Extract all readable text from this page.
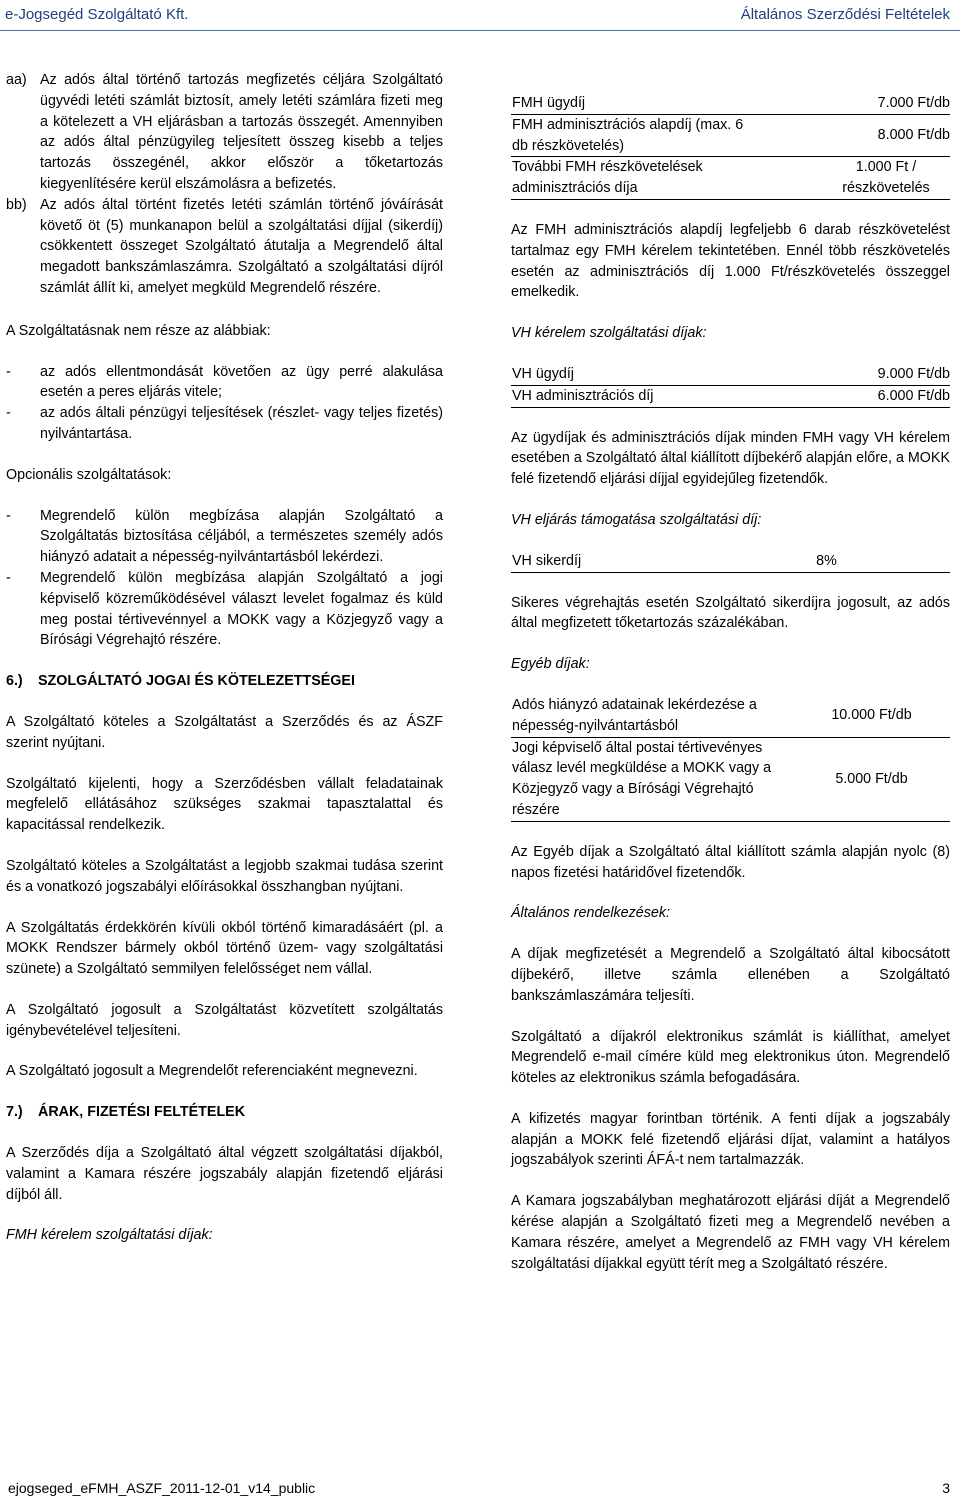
e-Jogsegéd Szolgáltató Kft.	Általános Szerződési Feltételek
aa) Az adós által történő tartozás megfizetés céljára Szolgáltató ügyvédi letéti számlát biztosít, amely letéti számlára fizeti meg a kötelezett a VH eljárásban a tartozás összegét. Amennyiben az adós által pénzügyileg teljesített összeg kisebb a teljes tartozás összegénél, akkor először a tőketartozás kiegyenlítésére kerül elszámolásra a befizetés.
bb) Az adós által történt fizetés letéti számlán történő jóváírását követő öt (5) munkanapon belül a szolgáltatási díjjal (sikerdíj) csökkentett összeget Szolgáltató átutalja a Megrendelő által megadott bankszámlaszámra. Szolgáltató a szolgáltatási díjról számlát állít ki, amelyet megküld Megrendelő részére.

A Szolgáltatásnak nem része az alábbiak:

-	az adós ellentmondását követően az ügy perré alakulása esetén a peres eljárás vitele;
-	az adós általi pénzügyi teljesítések (részlet- vagy teljes fizetés) nyilvántartása.

Opcionális szolgáltatások:

-	Megrendelő külön megbízása alapján Szolgáltató a Szolgáltatás biztosítása céljából, a természetes személy adós hiányzó adatait a népesség-nyilvántartásból lekérdezi.
-	Megrendelő külön megbízása alapján Szolgáltató a jogi képviselő közreműködésével választ levelet fogalmaz és küld meg postai tértivevénnyel a MOKK vagy a Közjegyző vagy a Bírósági Végrehajtó részére.

6.) SZOLGÁLTATÓ JOGAI ÉS KÖTELEZETTSÉGEI

A Szolgáltató köteles a Szolgáltatást a Szerződés és az ÁSZF szerint nyújtani.

Szolgáltató kijelenti, hogy a Szerződésben vállalt feladatainak megfelelő ellátásához szükséges szakmai tapasztalattal és kapacitással rendelkezik.

Szolgáltató köteles a Szolgáltatást a legjobb szakmai tudása szerint és a vonatkozó jogszabályi előírásokkal összhangban nyújtani.

A Szolgáltatás érdekkörén kívüli okból történő kimaradásáért (pl. a MOKK Rendszer bármely okból történő üzem- vagy szolgáltatási szünete) a Szolgáltató semmilyen felelősséget nem vállal.

A Szolgáltató jogosult a Szolgáltatást közvetített szolgáltatás igénybevételével teljesíteni.

A Szolgáltató jogosult a Megrendelőt referenciaként megnevezni.

7.) ÁRAK, FIZETÉSI FELTÉTELEK

A Szerződés díja a Szolgáltató által végzett szolgáltatási díjakból, valamint a Kamara részére jogszabály alapján fizetendő eljárási díjból áll.

FMH kérelem szolgáltatási díjak:

FMH ügydíj	7.000 Ft/db
FMH adminisztrációs alapdíj (max. 6 db részkövetelés)	8.000 Ft/db
További FMH részkövetelések adminisztrációs díja	1.000 Ft / részkövetelés

Az FMH adminisztrációs alapdíj legfeljebb 6 darab részkövetelést tartalmaz egy FMH kérelem tekintetében. Ennél több részkövetelés esetén az adminisztrációs díj 1.000 Ft/részkövetelés összeggel emelkedik.

VH kérelem szolgáltatási díjak:

VH ügydíj	9.000 Ft/db
VH adminisztrációs díj	6.000 Ft/db

Az ügydíjak és adminisztrációs díjak minden FMH vagy VH kérelem esetében a Szolgáltató által kiállított díjbekérő alapján előre, a MOKK felé fizetendő eljárási díjjal egyidejűleg fizetendők.

VH eljárás támogatása szolgáltatási díj:

VH sikerdíj	8%

Sikeres végrehajtás esetén Szolgáltató sikerdíjra jogosult, az adós által megfizetett tőketartozás százalékában.

Egyéb díjak:

Adós hiányzó adatainak lekérdezése a népesség-nyilvántartásból	10.000 Ft/db
Jogi képviselő által postai tértivevényes válasz levél megküldése a MOKK vagy a Közjegyző vagy a Bírósági Végrehajtó részére	5.000 Ft/db

Az Egyéb díjak a Szolgáltató által kiállított számla alapján nyolc (8) napos fizetési határidővel fizetendők.

Általános rendelkezések:

A díjak megfizetését a Megrendelő a Szolgáltató által kibocsátott díjbekérő, illetve számla ellenében a Szolgáltató bankszámlaszámára teljesíti.

Szolgáltató a díjakról elektronikus számlát is kiállíthat, amelyet Megrendelő e-mail címére küld meg elektronikus úton. Megrendelő köteles az elektronikus számla befogadására.

A kifizetés magyar forintban történik. A fenti díjak a jogszabály alapján a MOKK felé fizetendő eljárási díjat, valamint a hatályos jogszabályok szerinti ÁFÁ-t nem tartalmazzák.

A Kamara jogszabályban meghatározott eljárási díját a Megrendelő kérése alapján a Szolgáltató fizeti meg a Megrendelő nevében a Kamara részére, amelyet a Megrendelő az FMH vagy VH kérelem szolgáltatási díjakkal együtt térít meg a Szolgáltató részére.

ejogseged_eFMH_ASZF_2011-12-01_v14_public	3
